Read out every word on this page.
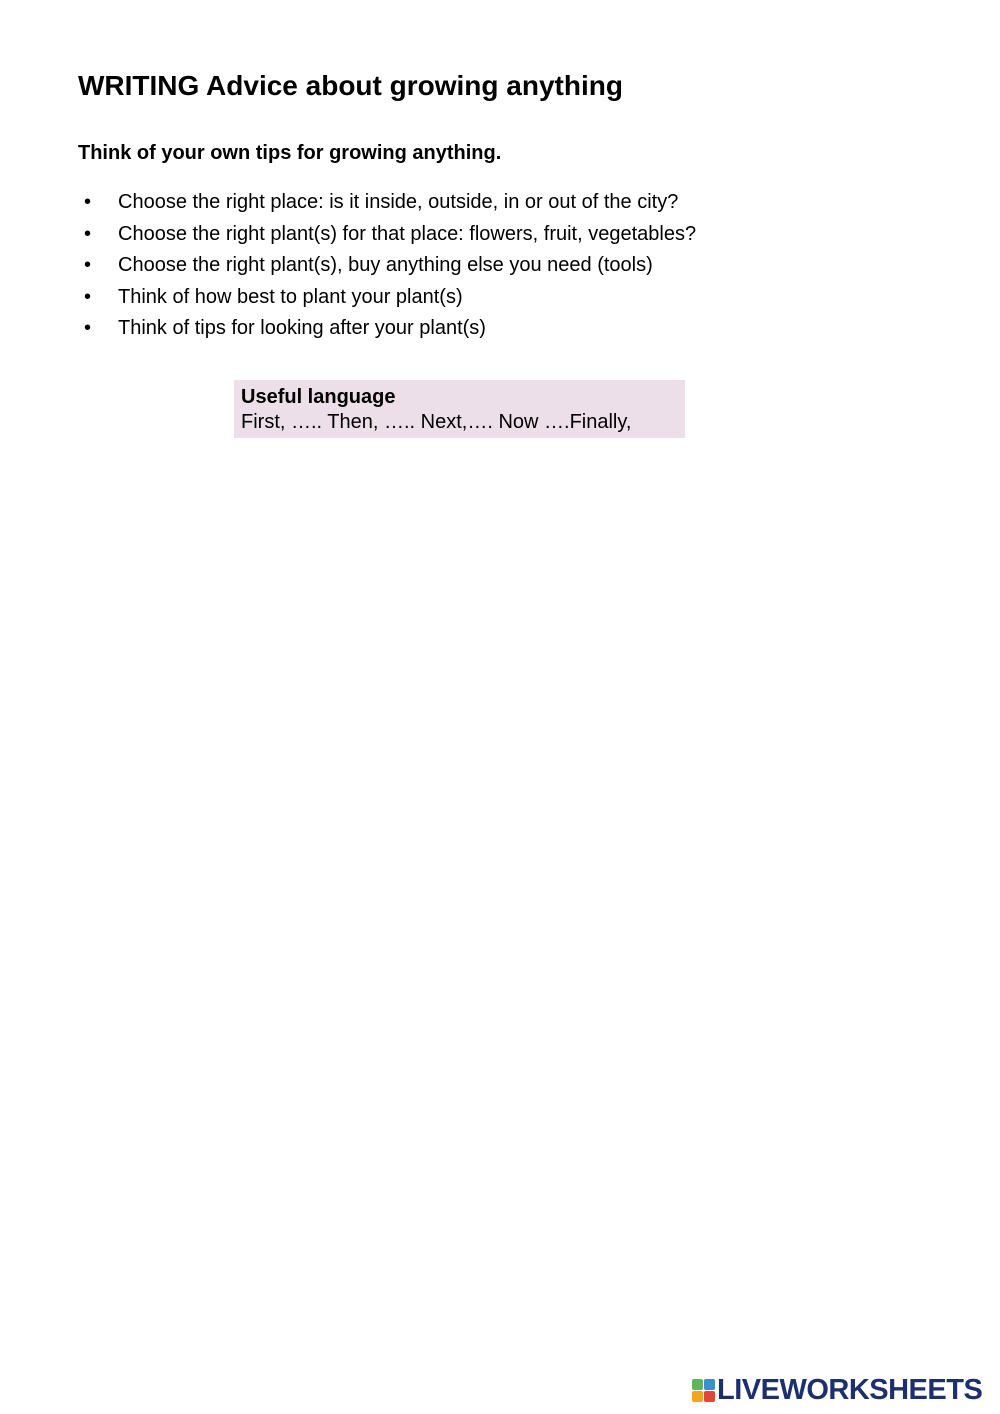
WRITING Advice about growing anything

Think of your own tips for growing anything.

• Choose the right place: is it inside, outside, in or out of the city?
• Choose the right plant(s) for that place: flowers, fruit, vegetables?
• Choose the right plant(s), buy anything else you need (tools)
• Think of how best to plant your plant(s)
• Think of tips for looking after your plant(s)
Useful language
First, ….. Then, ….. Next,…. Now ….Finally,
LIVEWORKSHEETS
